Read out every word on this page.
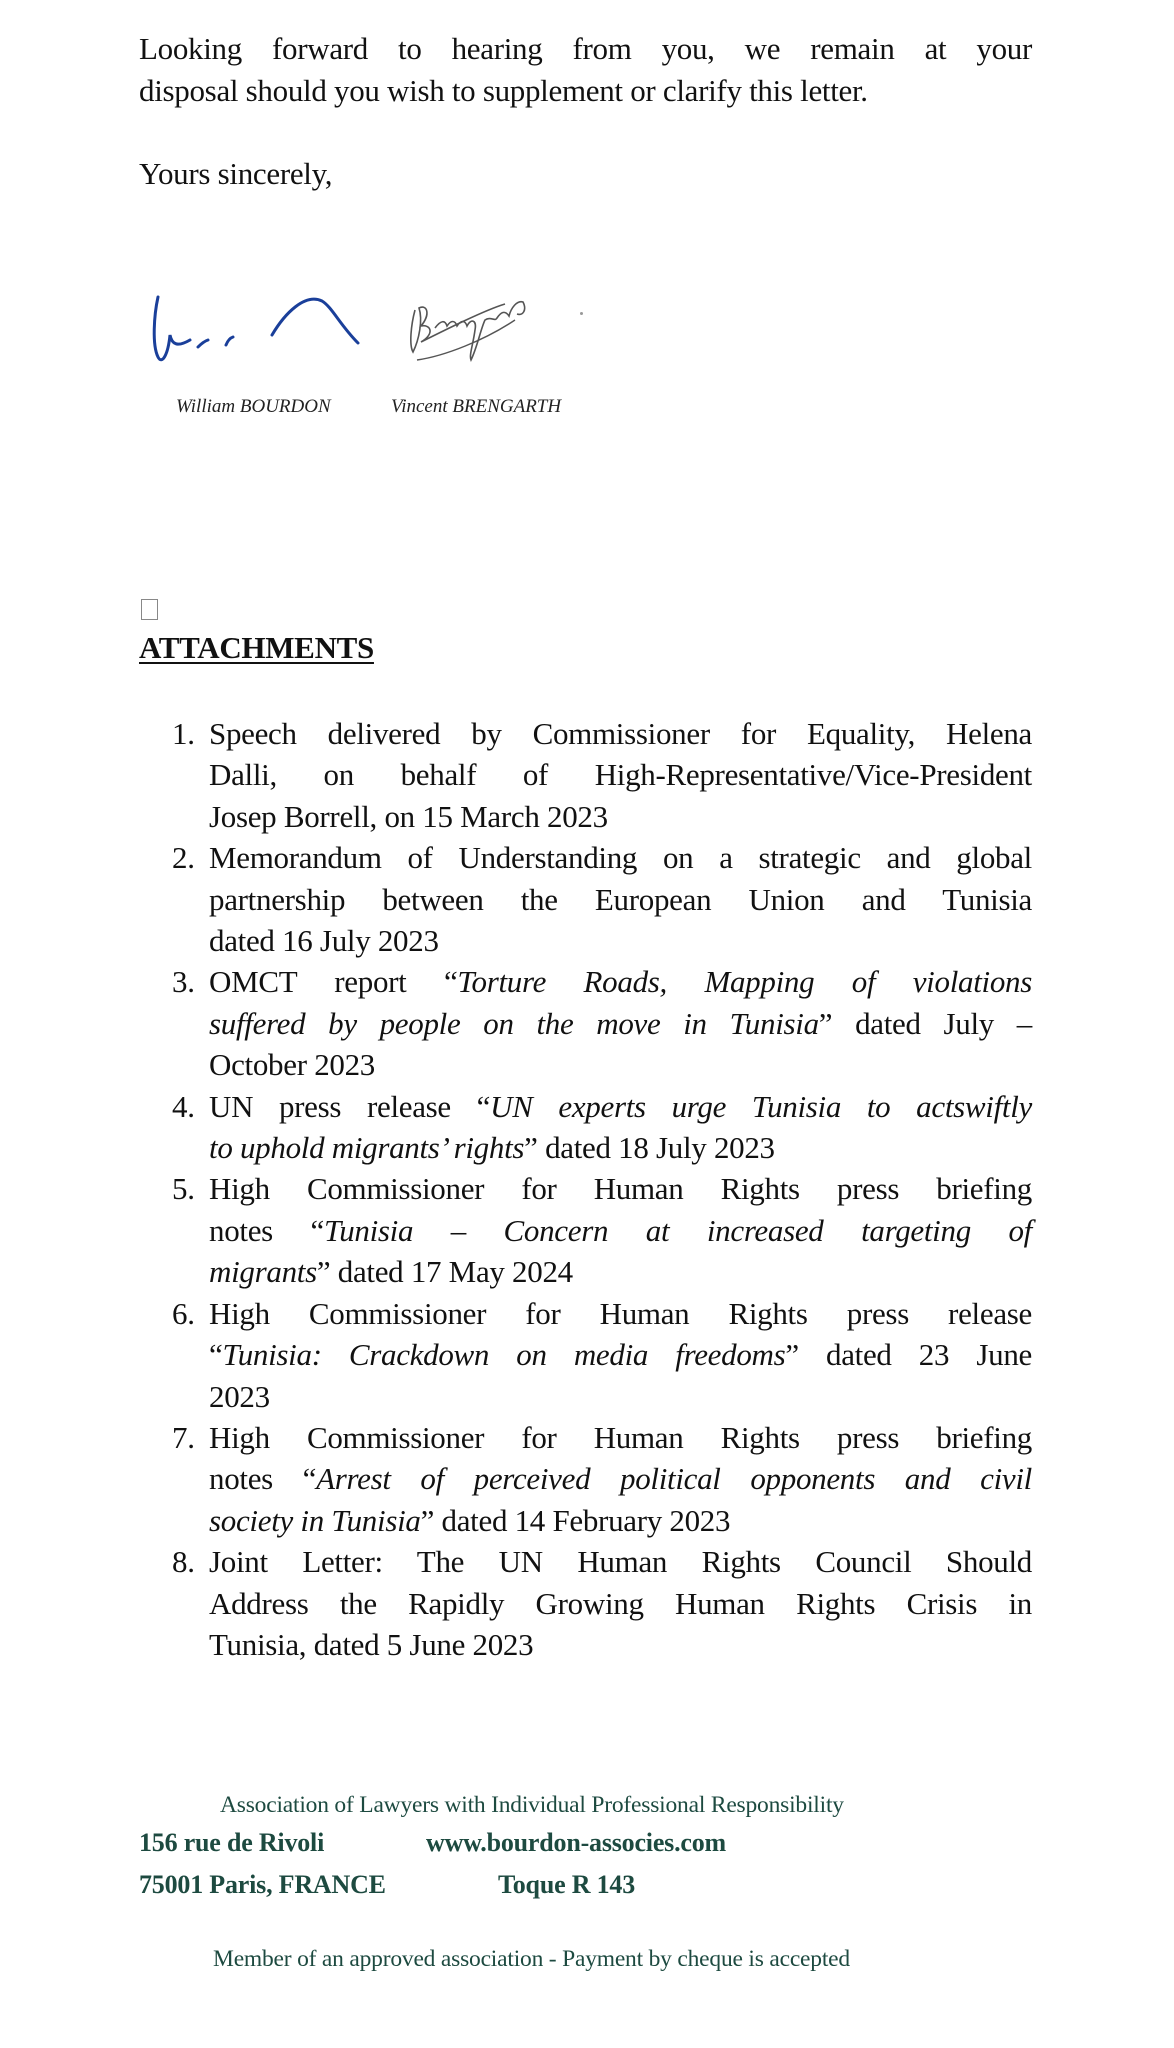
Looking forward to hearing from you, we remain at your
disposal should you wish to supplement or clarify this letter.
Yours sincerely,
William BOURDON	Vincent BRENGARTH
ATTACHMENTS
1. Speech delivered by Commissioner for Equality, Helena
Dalli, on behalf of High-Representative/Vice-President
Josep Borrell, on 15 March 2023
2. Memorandum of Understanding on a strategic and global
partnership between the European Union and Tunisia
dated 16 July 2023
3. OMCT report “Torture Roads, Mapping of violations
suffered by people on the move in Tunisia” dated July –
October 2023
4. UN press release “UN experts urge Tunisia to actswiftly
to uphold migrants’ rights” dated 18 July 2023
5. High Commissioner for Human Rights press briefing
notes “Tunisia – Concern at increased targeting of
migrants” dated 17 May 2024
6. High Commissioner for Human Rights press release
“Tunisia: Crackdown on media freedoms” dated 23 June
2023
7. High Commissioner for Human Rights press briefing
notes “Arrest of perceived political opponents and civil
society in Tunisia” dated 14 February 2023
8. Joint Letter: The UN Human Rights Council Should
Address the Rapidly Growing Human Rights Crisis in
Tunisia, dated 5 June 2023
Association of Lawyers with Individual Professional Responsibility
156 rue de Rivoli	www.bourdon-associes.com
75001 Paris, FRANCE	Toque R 143
Member of an approved association - Payment by cheque is accepted
